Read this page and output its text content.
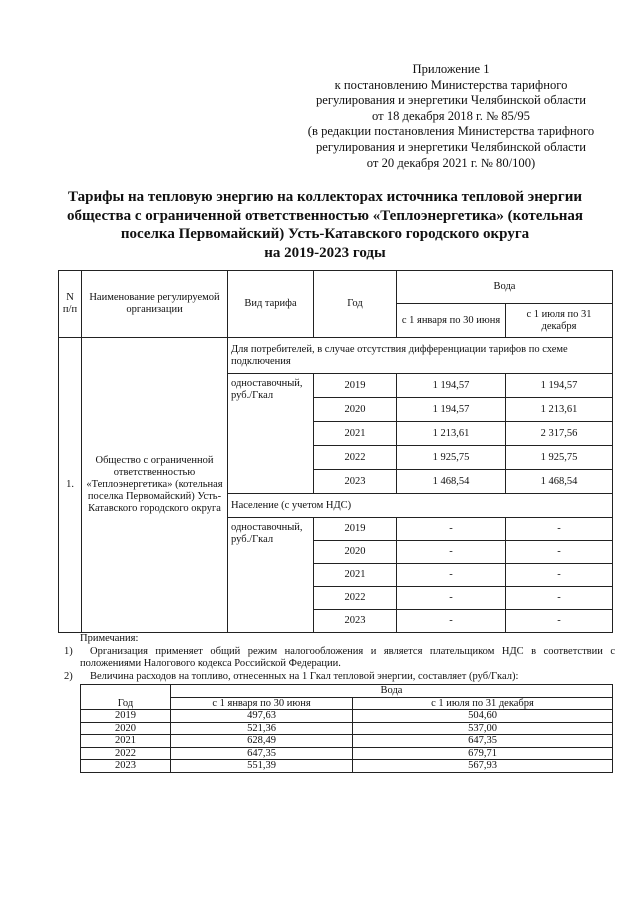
Приложение 1
к постановлению Министерства тарифного
регулирования и энергетики Челябинской области
от 18 декабря 2018 г. № 85/95
(в редакции постановления Министерства тарифного
регулирования и энергетики Челябинской области
от 20 декабря 2021 г. № 80/100)
Тарифы на тепловую энергию на коллекторах источника тепловой энергии
общества с ограниченной ответственностью «Теплоэнергетика» (котельная
поселка Первомайский) Усть-Катавского городского округа
на 2019-2023 годы
N п/п	Наименование регулируемой организации	Вид тарифа	Год	Вода	
				с 1 января по 30 июня	с 1 июля по 31 декабря
1.	Общество с ограниченной ответственностью «Теплоэнергетика» (котельная поселка Первомайский) Усть-Катавского городского округа	Для потребителей, в случае отсутствия дифференциации тарифов по схеме подключения			
		одноставочный, руб./Гкал	2019	1 194,57	1 194,57
			2020	1 194,57	1 213,61
			2021	1 213,61	2 317,56
			2022	1 925,75	1 925,75
			2023	1 468,54	1 468,54
		Население (с учетом НДС)			
		одноставочный, руб./Гкал	2019	-	-
			2020	-	-
			2021	-	-
			2022	-	-
			2023	-	-
Примечания:
1) Организация применяет общий режим налогообложения и является плательщиком НДС в соответствии с положениями Налогового кодекса Российской Федерации.
2) Величина расходов на топливо, отнесенных на 1 Гкал тепловой энергии, составляет (руб/Гкал):
Год	Вода	
	с 1 января по 30 июня	с 1 июля по 31 декабря
2019	497,63	504,60
2020	521,36	537,00
2021	628,49	647,35
2022	647,35	679,71
2023	551,39	567,93
